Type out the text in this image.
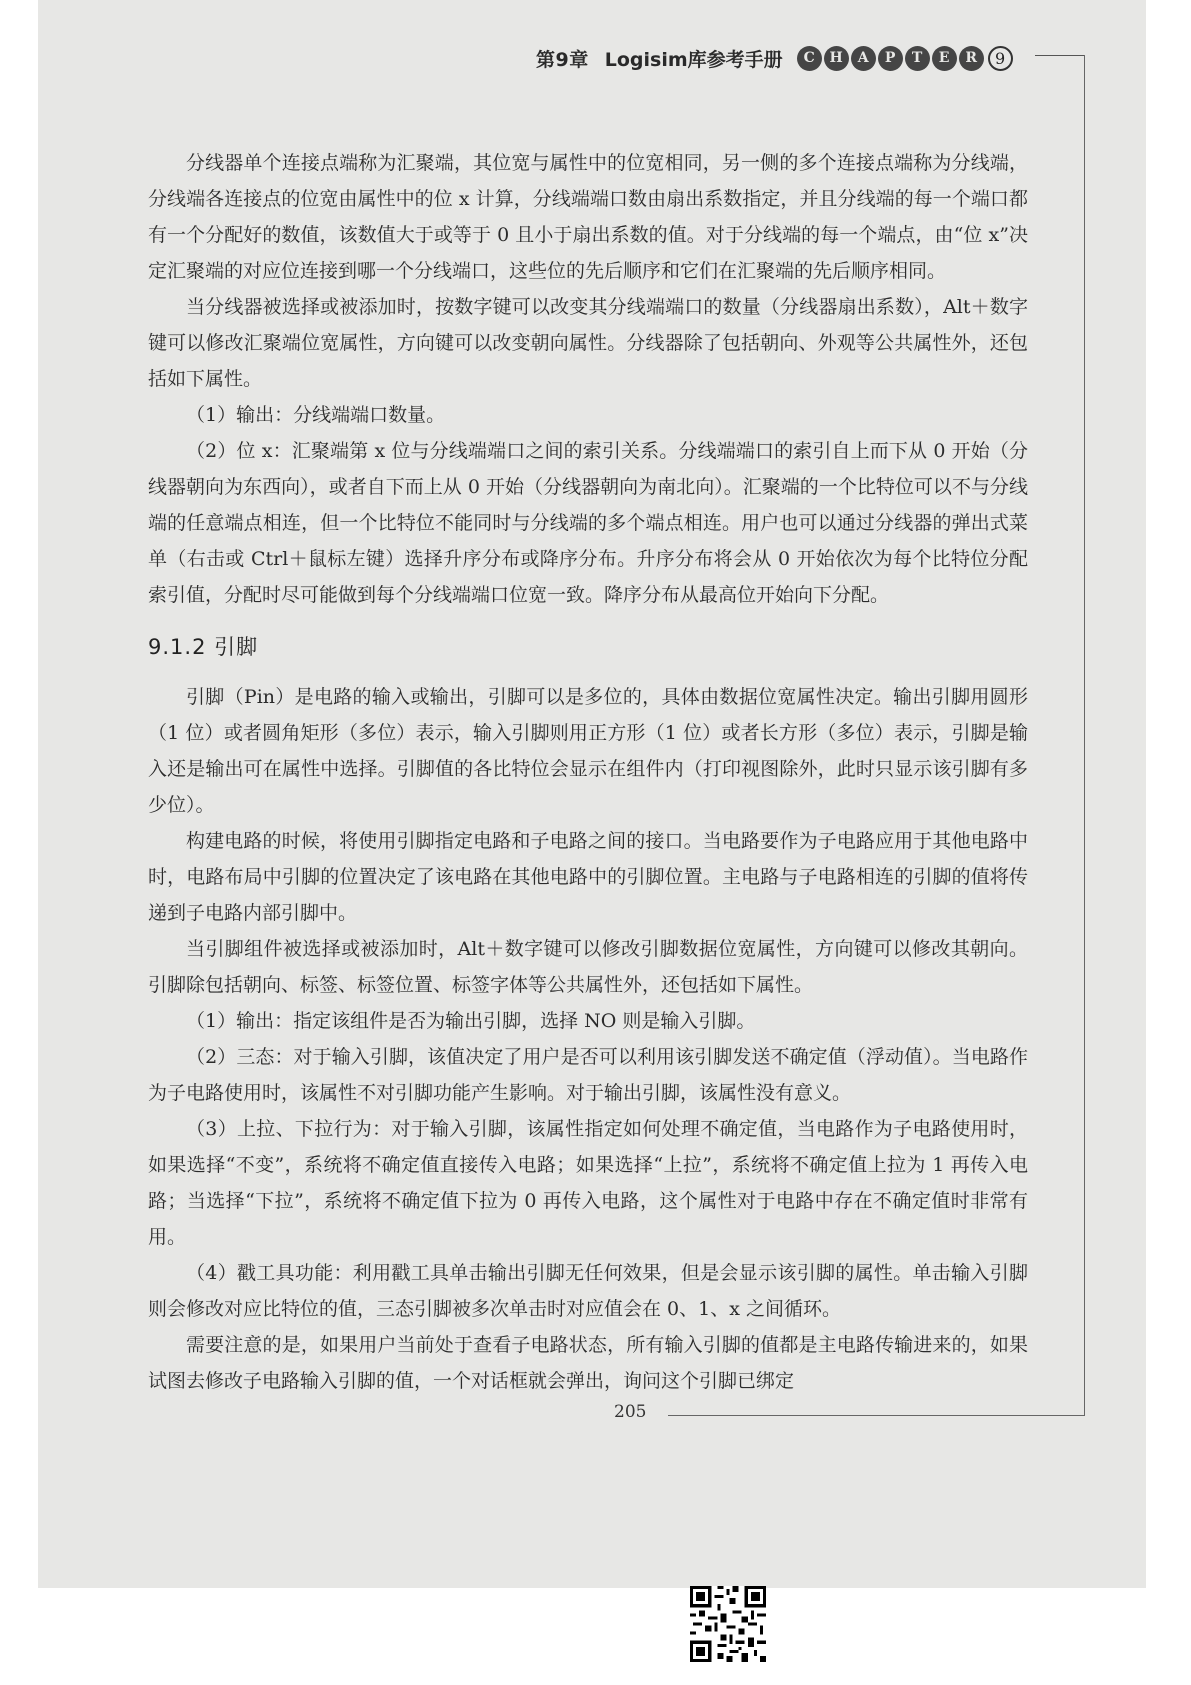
第9章 Logisim库参考手册	C	H	A	P	T	E	R	9

分线器单个连接点端称为汇聚端，其位宽与属性中的位宽相同，另一侧的多个连接点端称为分线端，分线端各连接点的位宽由属性中的位 x 计算，分线端端口数由扇出系数指定，并且分线端的每一个端口都有一个分配好的数值，该数值大于或等于 0 且小于扇出系数的值。对于分线端的每一个端点，由“位 x”决定汇聚端的对应位连接到哪一个分线端口，这些位的先后顺序和它们在汇聚端的先后顺序相同。

当分线器被选择或被添加时，按数字键可以改变其分线端端口的数量（分线器扇出系数），Alt＋数字键可以修改汇聚端位宽属性，方向键可以改变朝向属性。分线器除了包括朝向、外观等公共属性外，还包括如下属性。

（1）输出：分线端端口数量。

（2）位 x：汇聚端第 x 位与分线端端口之间的索引关系。分线端端口的索引自上而下从 0 开始（分线器朝向为东西向），或者自下而上从 0 开始（分线器朝向为南北向）。汇聚端的一个比特位可以不与分线端的任意端点相连，但一个比特位不能同时与分线端的多个端点相连。用户也可以通过分线器的弹出式菜单（右击或 Ctrl＋鼠标左键）选择升序分布或降序分布。升序分布将会从 0 开始依次为每个比特位分配索引值，分配时尽可能做到每个分线端端口位宽一致。降序分布从最高位开始向下分配。

9.1.2 引脚

引脚（Pin）是电路的输入或输出，引脚可以是多位的，具体由数据位宽属性决定。输出引脚用圆形（1 位）或者圆角矩形（多位）表示，输入引脚则用正方形（1 位）或者长方形（多位）表示，引脚是输入还是输出可在属性中选择。引脚值的各比特位会显示在组件内（打印视图除外，此时只显示该引脚有多少位）。

构建电路的时候，将使用引脚指定电路和子电路之间的接口。当电路要作为子电路应用于其他电路中时，电路布局中引脚的位置决定了该电路在其他电路中的引脚位置。主电路与子电路相连的引脚的值将传递到子电路内部引脚中。

当引脚组件被选择或被添加时，Alt＋数字键可以修改引脚数据位宽属性，方向键可以修改其朝向。引脚除包括朝向、标签、标签位置、标签字体等公共属性外，还包括如下属性。

（1）输出：指定该组件是否为输出引脚，选择 NO 则是输入引脚。

（2）三态：对于输入引脚，该值决定了用户是否可以利用该引脚发送不确定值（浮动值）。当电路作为子电路使用时，该属性不对引脚功能产生影响。对于输出引脚，该属性没有意义。

（3）上拉、下拉行为：对于输入引脚，该属性指定如何处理不确定值，当电路作为子电路使用时，如果选择“不变”，系统将不确定值直接传入电路；如果选择“上拉”，系统将不确定值上拉为 1 再传入电路；当选择“下拉”，系统将不确定值下拉为 0 再传入电路，这个属性对于电路中存在不确定值时非常有用。

（4）戳工具功能：利用戳工具单击输出引脚无任何效果，但是会显示该引脚的属性。单击输入引脚则会修改对应比特位的值，三态引脚被多次单击时对应值会在 0、1、x 之间循环。

需要注意的是，如果用户当前处于查看子电路状态，所有输入引脚的值都是主电路传输进来的，如果试图去修改子电路输入引脚的值，一个对话框就会弹出，询问这个引脚已绑定

205
